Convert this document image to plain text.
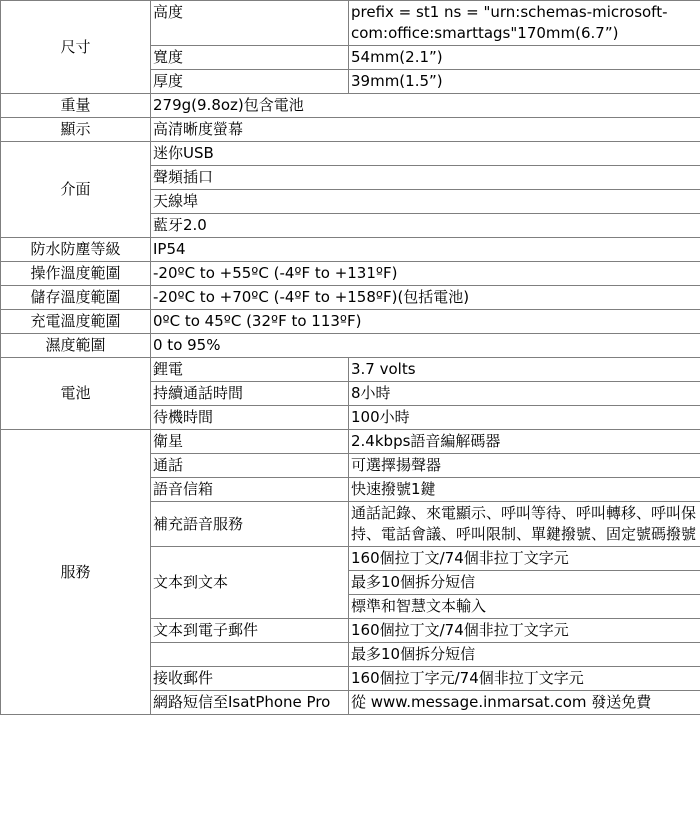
尺寸	高度	prefix = st1 ns = "urn:schemas-microsoft-com:office:smarttags"170mm(6.7”)
	寬度	54mm(2.1”)
	厚度	39mm(1.5”)
重量	279g(9.8oz)包含電池	
顯示	高清晰度螢幕	
介面	迷你USB	
	聲頻插口	
	天線埠	
	藍牙2.0	
防水防塵等級	IP54	
操作溫度範圍	-20ºC to +55ºC (-4ºF to +131ºF)	
儲存溫度範圍	-20ºC to +70ºC (-4ºF to +158ºF)(包括電池)	
充電溫度範圍	0ºC to 45ºC (32ºF to 113ºF)	
濕度範圍	0 to 95%	
電池	鋰電	3.7 volts
	持續通話時間	8小時
	待機時間	100小時
服務	衛星	2.4kbps語音編解碼器
	通話	可選擇揚聲器
	語音信箱	快速撥號1鍵
	補充語音服務	通話記錄、來電顯示、呼叫等待、呼叫轉移、呼叫保持、電話會議、呼叫限制、單鍵撥號、固定號碼撥號
	文本到文本	160個拉丁文/74個非拉丁文字元
		最多10個拆分短信
		標準和智慧文本輸入
	文本到電子郵件	160個拉丁文/74個非拉丁文字元
		最多10個拆分短信
	接收郵件	160個拉丁字元/74個非拉丁文字元
	網路短信至IsatPhone Pro	從 www.message.inmarsat.com 發送免費
